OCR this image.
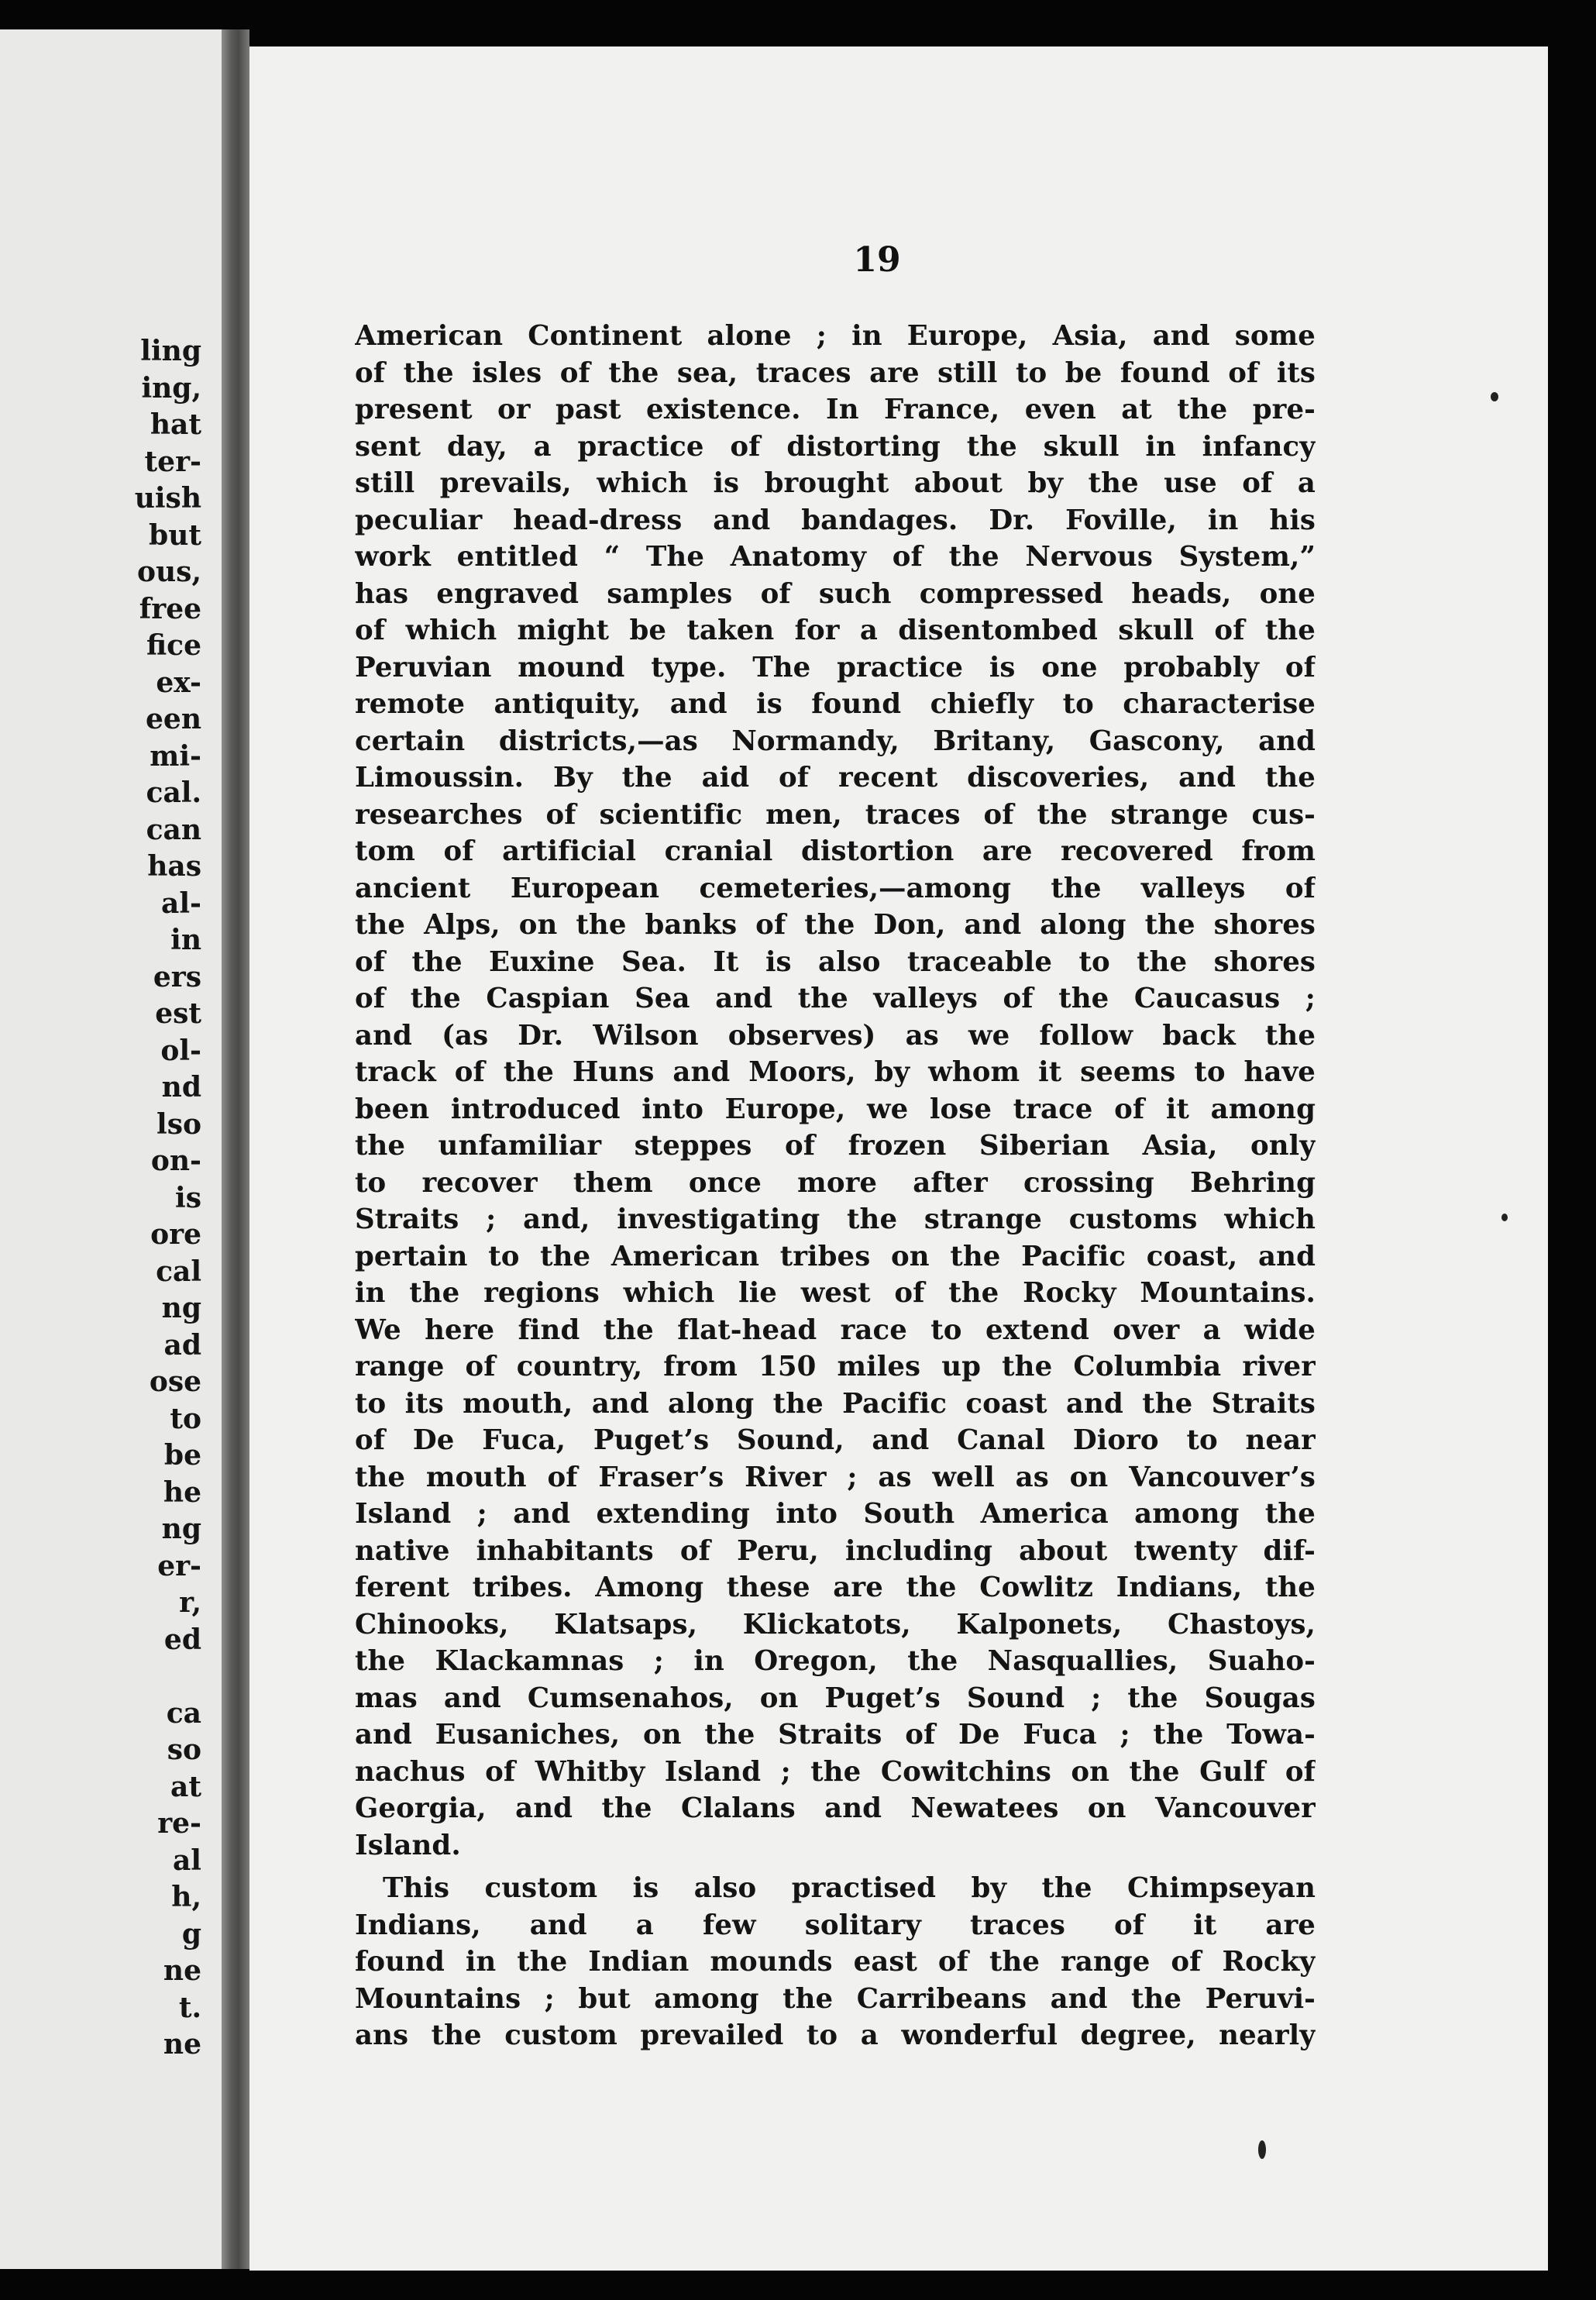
ling
ing,
hat
ter-
uish
but
ous,
free
fice
ex-
een
mi-
cal.
can
has
al-
in
ers
est
ol-
nd
lso
on-
is
ore
cal
ng
ad
ose
to
be
he
ng
er-
r,
ed

ca
so
at
re-
al
h,
g
ne
t.
ne
19
American Continent alone ; in Europe, Asia, and some
of the isles of the sea, traces are still to be found of its
present or past existence. In France, even at the pre-
sent day, a practice of distorting the skull in infancy
still prevails, which is brought about by the use of a
peculiar head-dress and bandages. Dr. Foville, in his
work entitled “ The Anatomy of the Nervous System,”
has engraved samples of such compressed heads, one
of which might be taken for a disentombed skull of the
Peruvian mound type. The practice is one probably of
remote antiquity, and is found chiefly to characterise
certain districts,—as Normandy, Britany, Gascony, and
Limoussin. By the aid of recent discoveries, and the
researches of scientific men, traces of the strange cus-
tom of artificial cranial distortion are recovered from
ancient European cemeteries,—among the valleys of
the Alps, on the banks of the Don, and along the shores
of the Euxine Sea. It is also traceable to the shores
of the Caspian Sea and the valleys of the Caucasus ;
and (as Dr. Wilson observes) as we follow back the
track of the Huns and Moors, by whom it seems to have
been introduced into Europe, we lose trace of it among
the unfamiliar steppes of frozen Siberian Asia, only
to recover them once more after crossing Behring
Straits ; and, investigating the strange customs which
pertain to the American tribes on the Pacific coast, and
in the regions which lie west of the Rocky Mountains.
We here find the flat-head race to extend over a wide
range of country, from 150 miles up the Columbia river
to its mouth, and along the Pacific coast and the Straits
of De Fuca, Puget’s Sound, and Canal Dioro to near
the mouth of Fraser’s River ; as well as on Vancouver’s
Island ; and extending into South America among the
native inhabitants of Peru, including about twenty dif-
ferent tribes. Among these are the Cowlitz Indians, the
Chinooks, Klatsaps, Klickatots, Kalponets, Chastoys,
the Klackamnas ; in Oregon, the Nasquallies, Suaho-
mas and Cumsenahos, on Puget’s Sound ; the Sougas
and Eusaniches, on the Straits of De Fuca ; the Towa-
nachus of Whitby Island ; the Cowitchins on the Gulf of
Georgia, and the Clalans and Newatees on Vancouver
Island.
This custom is also practised by the Chimpseyan
Indians, and a few solitary traces of it are
found in the Indian mounds east of the range of Rocky
Mountains ; but among the Carribeans and the Peruvi-
ans the custom prevailed to a wonderful degree, nearly
